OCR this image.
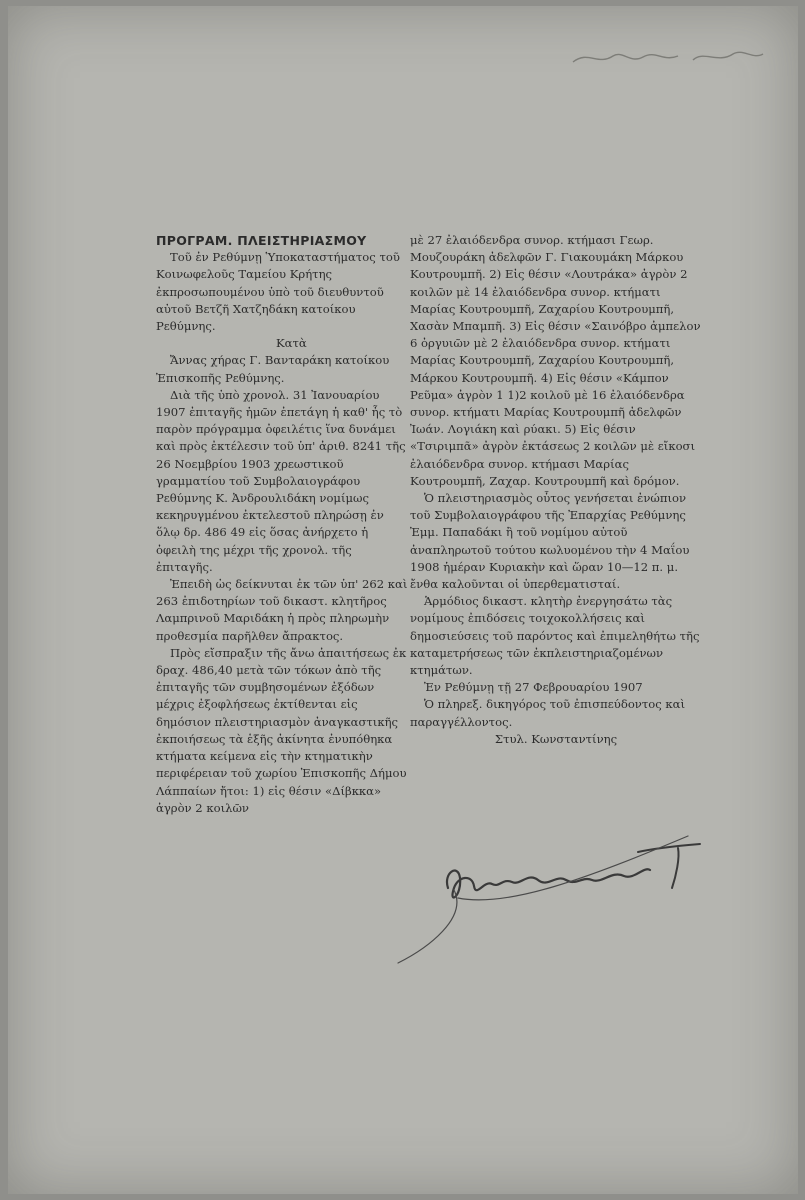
ΠΡΟΓΡΑΜ. ΠΛΕΙΣΤΗΡΙΑΣΜΟΥ

Τοῦ ἐν Ρεθύμνῃ Ὑποκαταστήματος τοῦ Κοινωφελοῦς Ταμείου Κρήτης ἐκπροσωπουμένου ὑπὸ τοῦ διευθυντοῦ αὐτοῦ Βετζῆ Χατζηδάκη κατοίκου Ρεθύμνης.

Κατὰ

Ἄννας χήρας Γ. Βανταράκη κατοίκου Ἐπισκοπῆς Ρεθύμνης.

Διὰ τῆς ὑπὸ χρονολ. 31 Ἰανουαρίου 1907 ἐπιταγῆς ἡμῶν ἐπετάγη ἡ καθ' ἧς τὸ παρὸν πρόγραμμα ὀφειλέτις ἵνα δυνάμει καὶ πρὸς ἐκτέλεσιν τοῦ ὑπ' ἀριθ. 8241 τῆς 26 Νοεμβρίου 1903 χρεωστικοῦ γραμματίου τοῦ Συμβολαιογράφου Ρεθύμνης Κ. Ἀνδρουλιδάκη νομίμως κεκηρυγμένου ἐκτελεστοῦ πληρώσῃ ἐν ὅλῳ δρ. 486 49 εἰς ὅσας ἀνήρχετο ἡ ὀφειλὴ της μέχρι τῆς χρονολ. τῆς ἐπιταγῆς.

Ἐπειδὴ ὡς δείκνυται ἐκ τῶν ὑπ' 262 καὶ 263 ἐπιδοτηρίων τοῦ δικαστ. κλητῆρος Λαμπρινοῦ Μαριδάκη ἡ πρὸς πληρωμὴν προθεσμία παρῆλθεν ἄπρακτος.

Πρὸς εἴσπραξιν τῆς ἄνω ἀπαιτήσεως ἐκ δραχ. 486,40 μετὰ τῶν τόκων ἀπὸ τῆς ἐπιταγῆς τῶν συμβησομένων ἐξόδων μέχρις ἐξοφλήσεως ἐκτίθενται εἰς δημόσιον πλειστηριασμὸν ἀναγκαστικῆς ἐκποιήσεως τὰ ἑξῆς ἀκίνητα ἐνυπόθηκα κτήματα κείμενα εἰς τὴν κτηματικὴν περιφέρειαν τοῦ χωρίου Ἐπισκοπῆς Δήμου Λάππαίων ἤτοι: 1) εἰς θέσιν «Δίβκκα» ἀγρὸν 2 κοιλῶν

μὲ 27 ἐλαιόδενδρα συνορ. κτήμασι Γεωρ. Μουζουράκη ἀδελφῶν Γ. Γιακουμάκη Μάρκου Κουτρουμπῆ. 2) Εἰς θέσιν «Λουτράκα» ἀγρὸν 2 κοιλῶν μὲ 14 ἐλαιόδενδρα συνορ. κτήματι Μαρίας Κουτρουμπῆ, Ζαχαρίου Κουτρουμπῆ, Χασὰν Μπαμπῆ. 3) Εἰς θέσιν «Σαινόβρο ἀμπελον 6 ὀργυιῶν μὲ 2 ἐλαιόδενδρα συνορ. κτήματι Μαρίας Κουτρουμπῆ, Ζαχαρίου Κουτρουμπῆ, Μάρκου Κουτρουμπῆ. 4) Εἰς θέσιν «Κάμπον Ρεῦμα» ἀγρὸν 1 1)2 κοιλοῦ μὲ 16 ἐλαιόδενδρα συνορ. κτήματι Μαρίας Κουτρουμπῆ ἀδελφῶν Ἰωάν. Λογιάκη καὶ ρύακι. 5) Εἰς θέσιν «Τσιριμπᾶ» ἀγρὸν ἐκτάσεως 2 κοιλῶν μὲ εἴκοσι ἐλαιόδενδρα συνορ. κτήμασι Μαρίας Κουτρουμπῆ, Ζαχαρ. Κουτρουμπῆ καὶ δρόμον.

Ὁ πλειστηριασμὸς οὗτος γενήσεται ἐνώπιον τοῦ Συμβολαιογράφου τῆς Ἐπαρχίας Ρεθύμνης Ἐμμ. Παπαδάκι ἢ τοῦ νομίμου αὐτοῦ ἀναπληρωτοῦ τούτου κωλυομένου τὴν 4 Μαΐου 1908 ἡμέραν Κυριακὴν καὶ ὥραν 10—12 π. μ. ἔνθα καλοῦνται οἱ ὑπερθεματισταί.

Ἁρμόδιος δικαστ. κλητὴρ ἐνεργησάτω τὰς νομίμους ἐπιδόσεις τοιχοκολλήσεις καὶ δημοσιεύσεις τοῦ παρόντος καὶ ἐπιμεληθήτω τῆς καταμετρήσεως τῶν ἐκπλειστηριαζομένων κτημάτων.

Ἐν Ρεθύμνῃ τῇ 27 Φεβρουαρίου 1907

Ὁ πληρεξ. δικηγόρος τοῦ ἐπισπεύδοντος καὶ παραγγέλλοντος.

Στυλ. Κωνσταντίνης
